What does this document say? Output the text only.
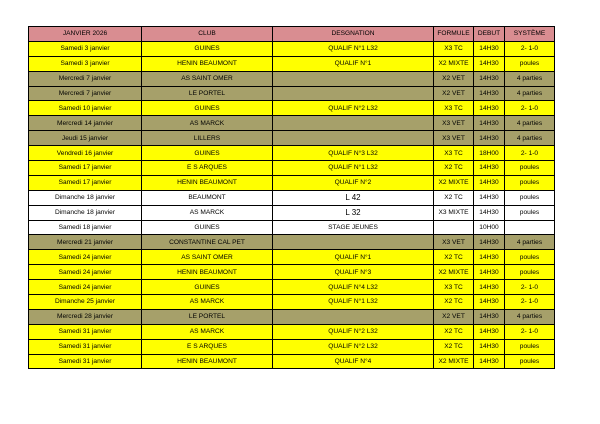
JANVIER 2026	CLUB	DESGNATION	FORMULE	DEBUT	SYSTÈME
Samedi 3 janvier	GUINES	QUALIF N°1 L32	X3 TC	14H30	2- 1-0
Samedi 3 janvier	HENIN BEAUMONT	QUALIF N°1	X2 MIXTE	14H30	poules
Mercredi 7 janvier	AS SAINT OMER		X2 VET	14H30	4 parties
Mercredi 7 janvier	LE PORTEL		X2 VET	14H30	4 parties
Samedi 10 janvier	GUINES	QUALIF N°2 L32	X3 TC	14H30	2- 1-0
Mercredi 14 janvier	AS MARCK		X3 VET	14H30	4 parties
Jeudi 15 janvier	LILLERS		X3 VET	14H30	4 parties
Vendredi 16 janvier	GUINES	QUALIF N°3 L32	X3 TC	18H00	2- 1-0
Samedi 17 janvier	E S ARQUES	QUALIF N°1 L32	X2 TC	14H30	poules
Samedi 17 janvier	HENIN BEAUMONT	QUALIF N°2	X2 MIXTE	14H30	poules
Dimanche 18 janvier	BEAUMONT	L 42	X2 TC	14H30	poules
Dimanche 18 janvier	AS MARCK	L 32	X3 MIXTE	14H30	poules
Samedi 18 janvier	GUINES	STAGE JEUNES		10H00	
Mercredi 21 janvier	CONSTANTINE CAL PET		X3 VET	14H30	4 parties
Samedi 24 janvier	AS SAINT OMER	QUALIF N°1	X2 TC	14H30	poules
Samedi 24 janvier	HENIN BEAUMONT	QUALIF N°3	X2 MIXTE	14H30	poules
Samedi 24 janvier	GUINES	QUALIF N°4 L32	X3 TC	14H30	2- 1-0
Dimanche 25 janvier	AS MARCK	QUALIF N°1 L32	X2 TC	14H30	2- 1-0
Mercredi 28 janvier	LE PORTEL		X2 VET	14H30	4 parties
Samedi 31 janvier	AS MARCK	QUALIF N°2 L32	X2 TC	14H30	2- 1-0
Samedi 31 janvier	E S ARQUES	QUALIF N°2 L32	X2 TC	14H30	poules
Samedi 31 janvier	HENIN BEAUMONT	QUALIF N°4	X2 MIXTE	14H30	poules
